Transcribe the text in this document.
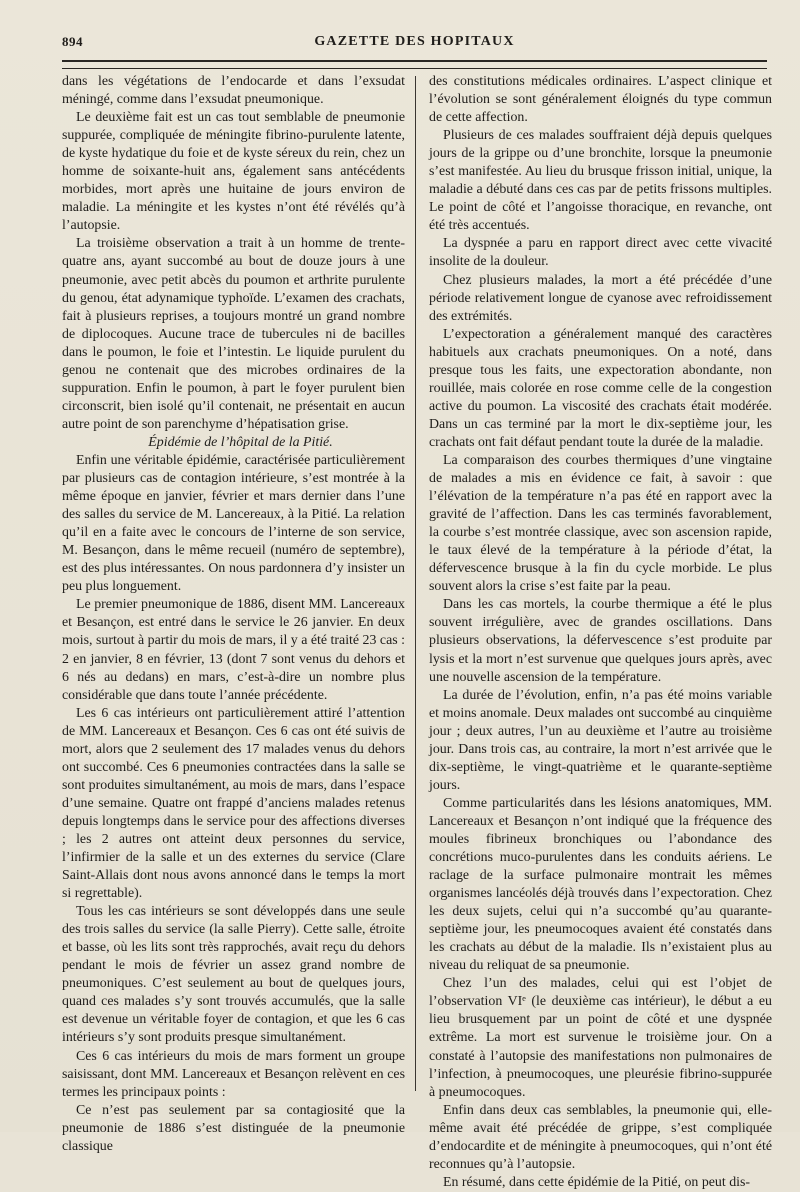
894	GAZETTE DES HOPITAUX

dans les végétations de l’endocarde et dans l’exsudat méningé, comme dans l’exsudat pneumonique.

Le deuxième fait est un cas tout semblable de pneumonie suppurée, compliquée de méningite fibrino-purulente latente, de kyste hydatique du foie et de kyste séreux du rein, chez un homme de soixante-huit ans, également sans antécédents morbides, mort après une huitaine de jours environ de maladie. La méningite et les kystes n’ont été révélés qu’à l’autopsie.

La troisième observation a trait à un homme de trente-quatre ans, ayant succombé au bout de douze jours à une pneumonie, avec petit abcès du poumon et arthrite purulente du genou, état adynamique typhoïde. L’examen des crachats, fait à plusieurs reprises, a toujours montré un grand nombre de diplocoques. Aucune trace de tubercules ni de bacilles dans le poumon, le foie et l’intestin. Le liquide purulent du genou ne contenait que des microbes ordinaires de la suppuration. Enfin le poumon, à part le foyer purulent bien circonscrit, bien isolé qu’il contenait, ne présentait en aucun autre point de son parenchyme d’hépatisation grise.

Épidémie de l’hôpital de la Pitié.

Enfin une véritable épidémie, caractérisée particulièrement par plusieurs cas de contagion intérieure, s’est montrée à la même époque en janvier, février et mars dernier dans l’une des salles du service de M. Lancereaux, à la Pitié. La relation qu’il en a faite avec le concours de l’interne de son service, M. Besançon, dans le même recueil (numéro de septembre), est des plus intéressantes. On nous pardonnera d’y insister un peu plus longuement.

Le premier pneumonique de 1886, disent MM. Lancereaux et Besançon, est entré dans le service le 26 janvier. En deux mois, surtout à partir du mois de mars, il y a été traité 23 cas : 2 en janvier, 8 en février, 13 (dont 7 sont venus du dehors et 6 nés au dedans) en mars, c’est-à-dire un nombre plus considérable que dans toute l’année précédente.

Les 6 cas intérieurs ont particulièrement attiré l’attention de MM. Lancereaux et Besançon. Ces 6 cas ont été suivis de mort, alors que 2 seulement des 17 malades venus du dehors ont succombé. Ces 6 pneumonies contractées dans la salle se sont produites simultanément, au mois de mars, dans l’espace d’une semaine. Quatre ont frappé d’anciens malades retenus depuis longtemps dans le service pour des affections diverses ; les 2 autres ont atteint deux personnes du service, l’infirmier de la salle et un des externes du service (Clare Saint-Allais dont nous avons annoncé dans le temps la mort si regrettable).

Tous les cas intérieurs se sont développés dans une seule des trois salles du service (la salle Pierry). Cette salle, étroite et basse, où les lits sont très rapprochés, avait reçu du dehors pendant le mois de février un assez grand nombre de pneumoniques. C’est seulement au bout de quelques jours, quand ces malades s’y sont trouvés accumulés, que la salle est devenue un véritable foyer de contagion, et que les 6 cas intérieurs s’y sont produits presque simultanément.

Ces 6 cas intérieurs du mois de mars forment un groupe saisissant, dont MM. Lancereaux et Besançon relèvent en ces termes les principaux points :

Ce n’est pas seulement par sa contagiosité que la pneumonie de 1886 s’est distinguée de la pneumonie classique

des constitutions médicales ordinaires. L’aspect clinique et l’évolution se sont généralement éloignés du type commun de cette affection.

Plusieurs de ces malades souffraient déjà depuis quelques jours de la grippe ou d’une bronchite, lorsque la pneumonie s’est manifestée. Au lieu du brusque frisson initial, unique, la maladie a débuté dans ces cas par de petits frissons multiples. Le point de côté et l’angoisse thoracique, en revanche, ont été très accentués.

La dyspnée a paru en rapport direct avec cette vivacité insolite de la douleur.

Chez plusieurs malades, la mort a été précédée d’une période relativement longue de cyanose avec refroidissement des extrémités.

L’expectoration a généralement manqué des caractères habituels aux crachats pneumoniques. On a noté, dans presque tous les faits, une expectoration abondante, non rouillée, mais colorée en rose comme celle de la congestion active du poumon. La viscosité des crachats était modérée. Dans un cas terminé par la mort le dix-septième jour, les crachats ont fait défaut pendant toute la durée de la maladie.

La comparaison des courbes thermiques d’une vingtaine de malades a mis en évidence ce fait, à savoir : que l’élévation de la température n’a pas été en rapport avec la gravité de l’affection. Dans les cas terminés favorablement, la courbe s’est montrée classique, avec son ascension rapide, le taux élevé de la température à la période d’état, la défervescence brusque à la fin du cycle morbide. Le plus souvent alors la crise s’est faite par la peau.

Dans les cas mortels, la courbe thermique a été le plus souvent irrégulière, avec de grandes oscillations. Dans plusieurs observations, la défervescence s’est produite par lysis et la mort n’est survenue que quelques jours après, avec une nouvelle ascension de la température.

La durée de l’évolution, enfin, n’a pas été moins variable et moins anomale. Deux malades ont succombé au cinquième jour ; deux autres, l’un au deuxième et l’autre au troisième jour. Dans trois cas, au contraire, la mort n’est arrivée que le dix-septième, le vingt-quatrième et le quarante-septième jours.

Comme particularités dans les lésions anatomiques, MM. Lancereaux et Besançon n’ont indiqué que la fréquence des moules fibrineux bronchiques ou l’abondance des concrétions muco-purulentes dans les conduits aériens. Le raclage de la surface pulmonaire montrait les mêmes organismes lancéolés déjà trouvés dans l’expectoration. Chez les deux sujets, celui qui n’a succombé qu’au quarante-septième jour, les pneumocoques avaient été constatés dans les crachats au début de la maladie. Ils n’existaient plus au niveau du reliquat de sa pneumonie.

Chez l’un des malades, celui qui est l’objet de l’observation VIᵉ (le deuxième cas intérieur), le début a eu lieu brusquement par un point de côté et une dyspnée extrême. La mort est survenue le troisième jour. On a constaté à l’autopsie des manifestations non pulmonaires de l’infection, à pneumocoques, une pleurésie fibrino-suppurée à pneumocoques.

Enfin dans deux cas semblables, la pneumonie qui, elle-même avait été précédée de grippe, s’est compliquée d’endocardite et de méningite à pneumocoques, qui n’ont été reconnues qu’à l’autopsie.

En résumé, dans cette épidémie de la Pitié, on peut dis-
